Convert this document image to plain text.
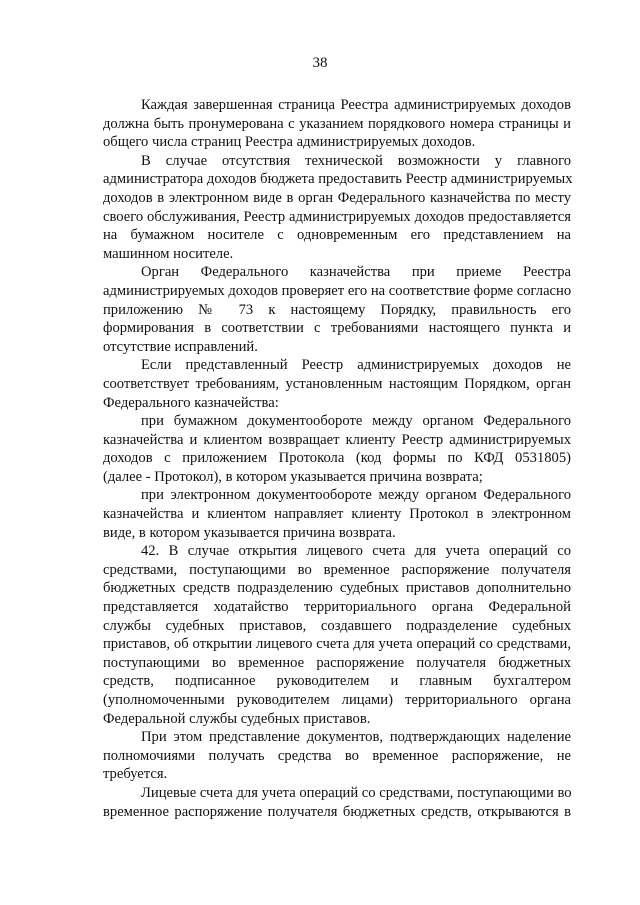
38
Каждая завершенная страница Реестра администрируемых доходов
должна быть пронумерована с указанием порядкового номера страницы и
общего числа страниц Реестра администрируемых доходов.
В случае отсутствия технической возможности у главного
администратора доходов бюджета предоставить Реестр администрируемых
доходов в электронном виде в орган Федерального казначейства по месту
своего обслуживания, Реестр администрируемых доходов предоставляется
на бумажном носителе с одновременным его представлением на
машинном носителе.
Орган Федерального казначейства при приеме Реестра
администрируемых доходов проверяет его на соответствие форме согласно
приложению № 73 к настоящему Порядку, правильность его
формирования в соответствии с требованиями настоящего пункта и
отсутствие исправлений.
Если представленный Реестр администрируемых доходов не
соответствует требованиям, установленным настоящим Порядком, орган
Федерального казначейства:
при бумажном документообороте между органом Федерального
казначейства и клиентом возвращает клиенту Реестр администрируемых
доходов с приложением Протокола (код формы по КФД 0531805)
(далее - Протокол), в котором указывается причина возврата;
при электронном документообороте между органом Федерального
казначейства и клиентом направляет клиенту Протокол в электронном
виде, в котором указывается причина возврата.
42. В случае открытия лицевого счета для учета операций со
средствами, поступающими во временное распоряжение получателя
бюджетных средств подразделению судебных приставов дополнительно
представляется ходатайство территориального органа Федеральной
службы судебных приставов, создавшего подразделение судебных
приставов, об открытии лицевого счета для учета операций со средствами,
поступающими во временное распоряжение получателя бюджетных
средств, подписанное руководителем и главным бухгалтером
(уполномоченными руководителем лицами) территориального органа
Федеральной службы судебных приставов.
При этом представление документов, подтверждающих наделение
полномочиями получать средства во временное распоряжение, не
требуется.
Лицевые счета для учета операций со средствами, поступающими во
временное распоряжение получателя бюджетных средств, открываются в
